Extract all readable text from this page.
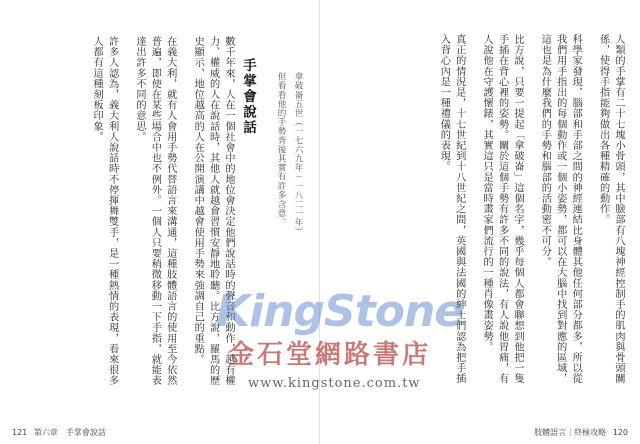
人類的手掌有二十七塊小骨頭，其中臉部有八塊神經控制手的肌肉與骨頭關係，使得手指能夠做出各種精確的動作。

科學家發現，腦部和手部之間的神經連結比身體其他任何部分都多，所以從我們用手指出的每個動作或一個小姿勢，都可以在大腦中找到對應的區域，這也是為什麼我們的手勢和腦部的活動密不可分。

比方說，只要一提起「拿破崙」這個名字，幾乎每個人都會聯想到他把一隻手插在背心裡的姿勢。關於這個手勢有許多不同的說法，有人說他胃痛，有人說他在守護懷錶，其實這只是當時畫家們流行的一種肖像畫姿勢。

真正的情況是，十七世紀到十八世紀之間，英國與法國的紳士們認為把手插入背心內是一種禮儀的表現。

肢體語言｜終極攻略 120
拿破崙五世（一七六九年－一八二一年）
但看看他的手勢背後其實有許多含意。
手掌會說話

數千年來，人在一個社會中的地位會決定他們說話時的聲音和動作，越有權力、權威的人在說話時，其他人就越會習慣安靜地聆聽。比方說，羅馬的歷史顯示，地位越高的人在公開演講中越會使用手勢來強調自己的重點。

在義大利，就有人會用手勢代替語言來溝通，這種肢體語言的使用至今依然普遍，即使在某些場合中也不例外。一個人只要稍微移動一下手指，就能表達出許多不同的意思。

許多人認為，義大利人說話時不停揮舞雙手，是一種熱情的表現，看來很多人都有這種刻板印象。

121 第六章　手掌會說話
KingStone
金石堂網路書店
www.kingstone.com.tw
